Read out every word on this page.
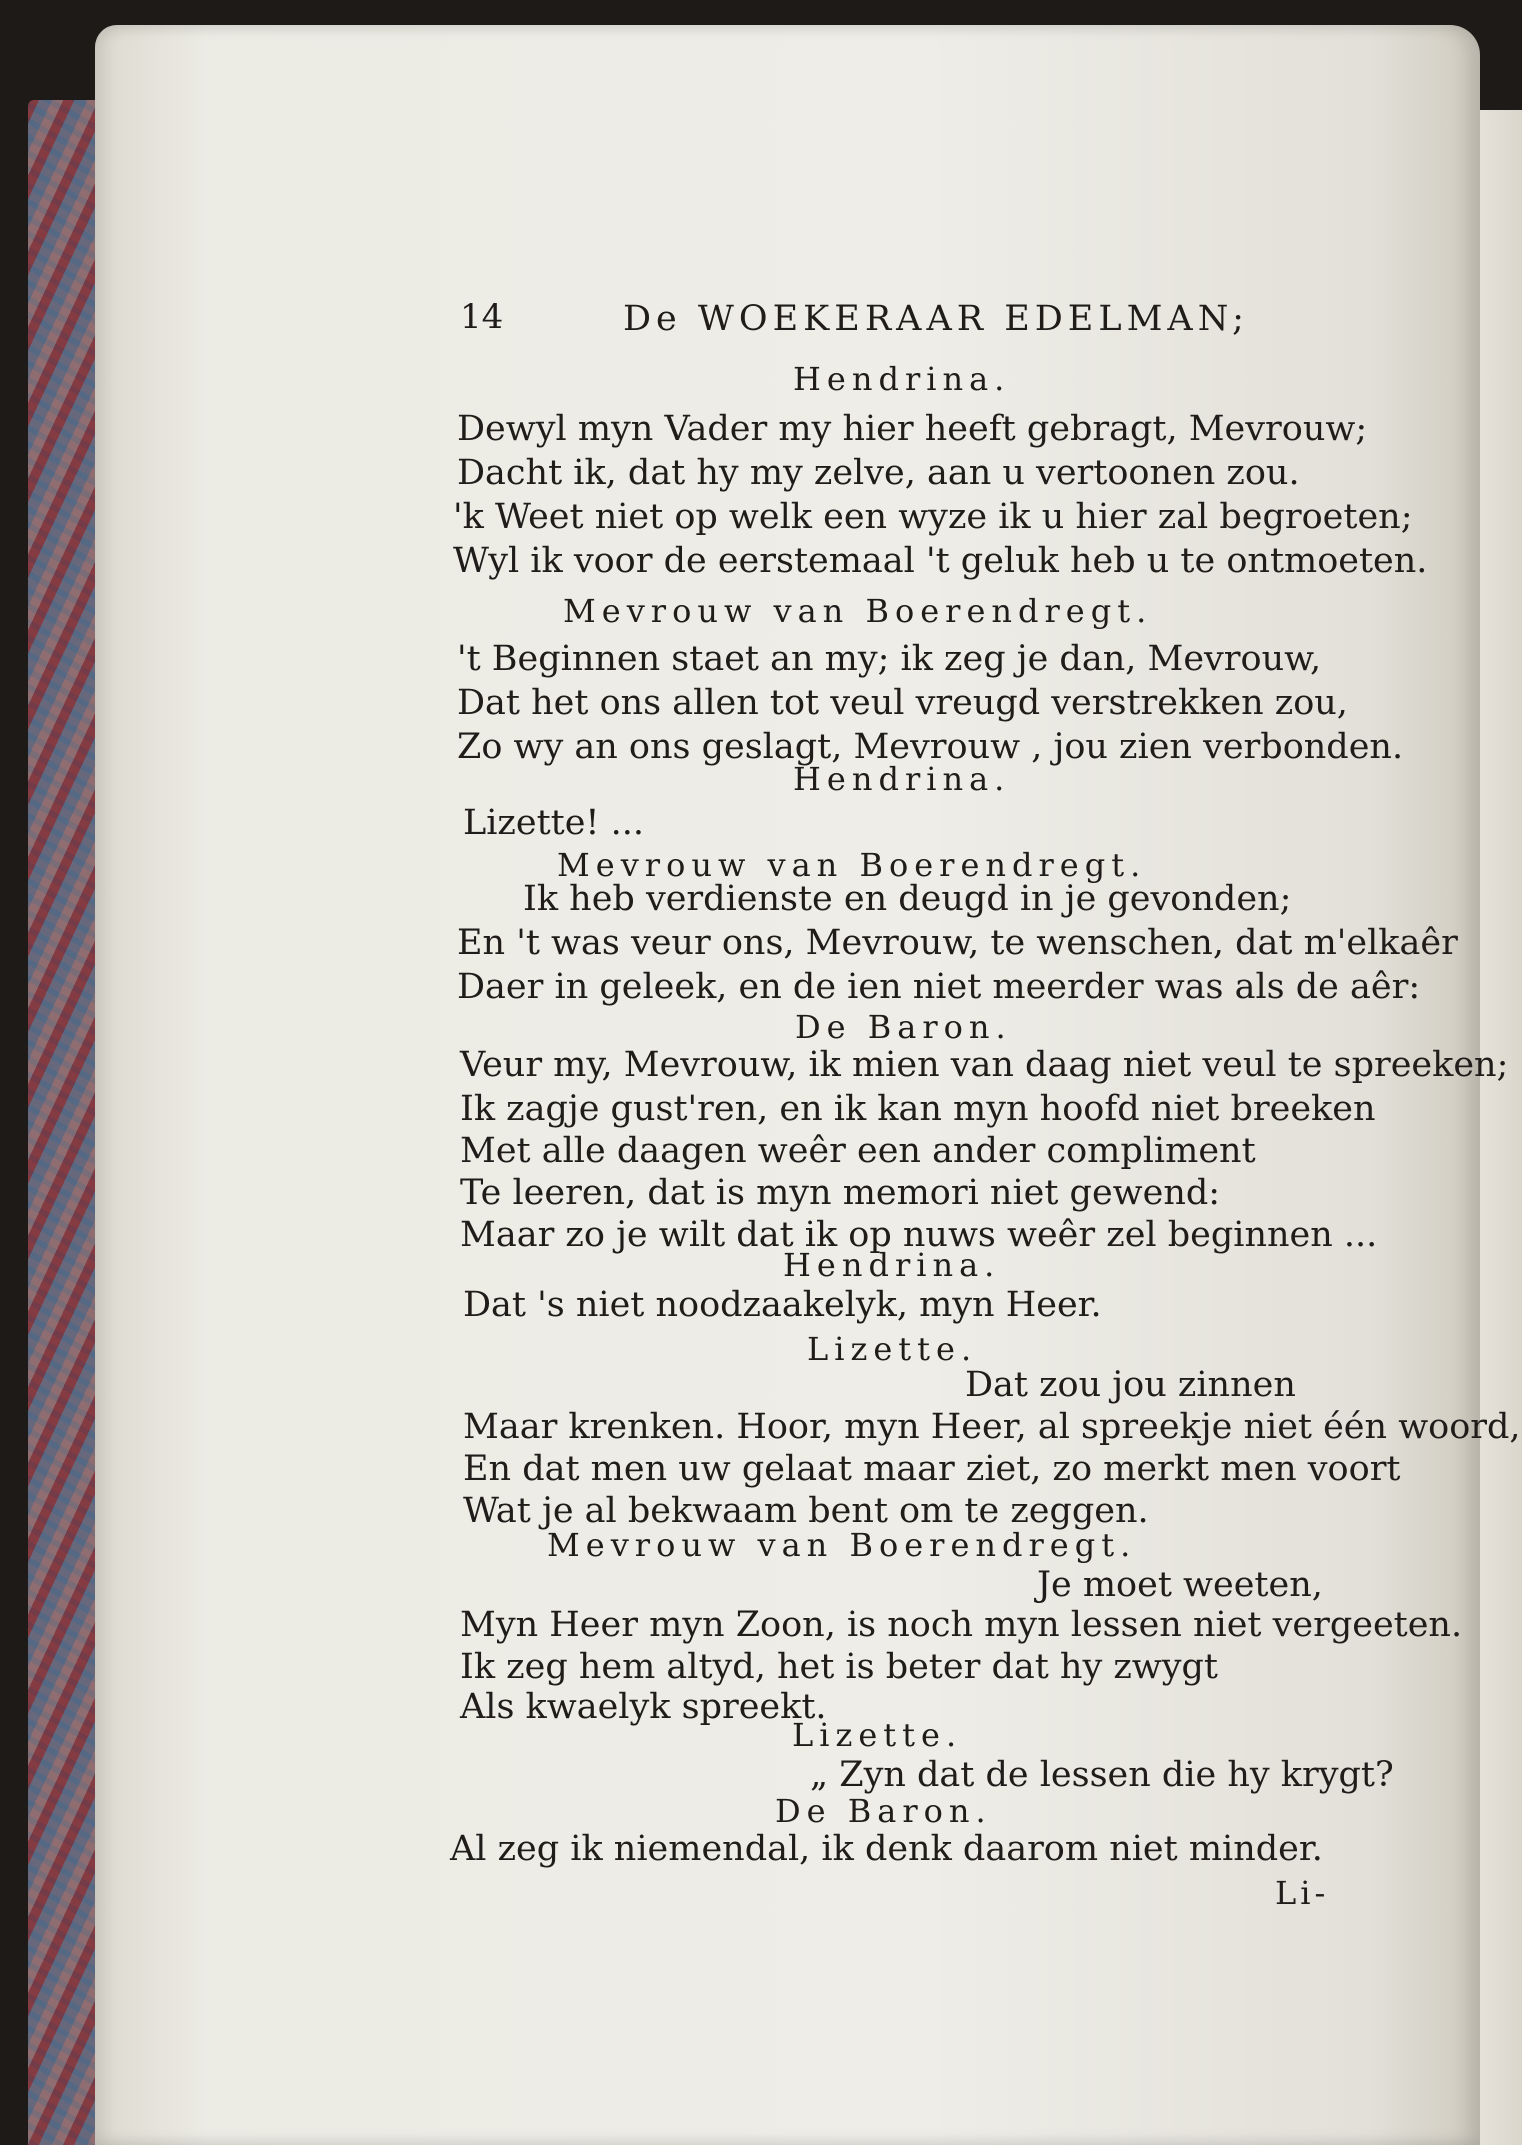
14	De WOEKERAAR EDELMAN;
Hendrina.
Dewyl myn Vader my hier heeft gebragt, Mevrouw;
Dacht ik, dat hy my zelve, aan u vertoonen zou.
'k Weet niet op welk een wyze ik u hier zal begroeten;
Wyl ik voor de eerstemaal 't geluk heb u te ontmoeten.
Mevrouw van Boerendregt.
't Beginnen staet an my; ik zeg je dan, Mevrouw,
Dat het ons allen tot veul vreugd verstrekken zou,
Zo wy an ons geslagt, Mevrouw , jou zien verbonden.
Hendrina.
Lizette! ...
Mevrouw van Boerendregt.
Ik heb verdienste en deugd in je gevonden;
En 't was veur ons, Mevrouw, te wenschen, dat m'elkaêr
Daer in geleek, en de ien niet meerder was als de aêr:
De Baron.
Veur my, Mevrouw, ik mien van daag niet veul te spreeken;
Ik zagje gust'ren, en ik kan myn hoofd niet breeken
Met alle daagen weêr een ander compliment
Te leeren, dat is myn memori niet gewend:
Maar zo je wilt dat ik op nuws weêr zel beginnen ...
Hendrina.
Dat 's niet noodzaakelyk, myn Heer.
Lizette.
Dat zou jou zinnen
Maar krenken. Hoor, myn Heer, al spreekje niet één woord,
En dat men uw gelaat maar ziet, zo merkt men voort
Wat je al bekwaam bent om te zeggen.
Mevrouw van Boerendregt.
Je moet weeten,
Myn Heer myn Zoon, is noch myn lessen niet vergeeten.
Ik zeg hem altyd, het is beter dat hy zwygt
Als kwaelyk spreekt.
Lizette.
„ Zyn dat de lessen die hy krygt?
De Baron.
Al zeg ik niemendal, ik denk daarom niet minder.
Li-
